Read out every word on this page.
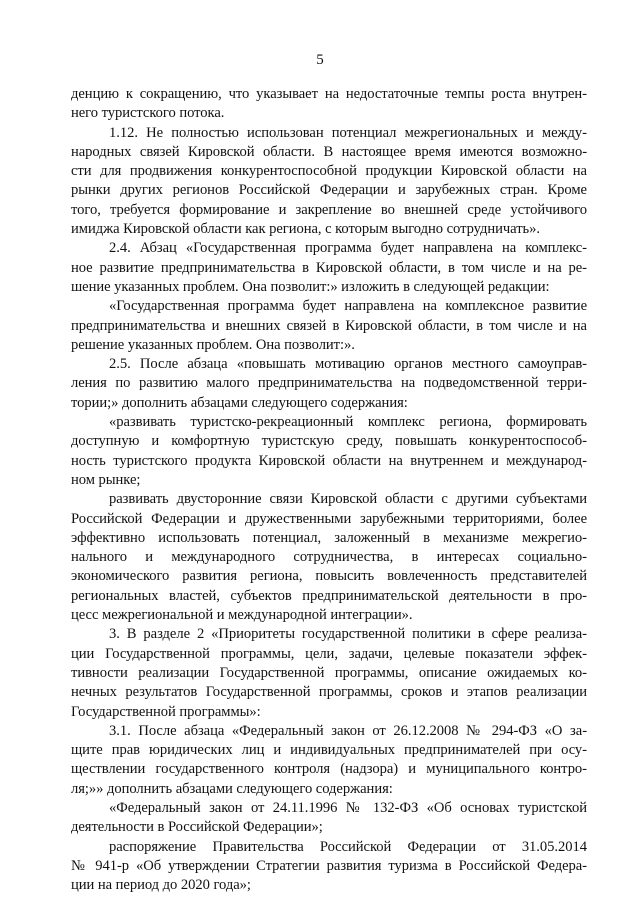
5

денцию к сокращению, что указывает на недостаточные темпы роста внутрен-
него туристского потока.

1.12. Не полностью использован потенциал межрегиональных и между-
народных связей Кировской области. В настоящее время имеются возможно-
сти для продвижения конкурентоспособной продукции Кировской области на
рынки других регионов Российской Федерации и зарубежных стран. Кроме
того, требуется формирование и закрепление во внешней среде устойчивого
имиджа Кировской области как региона, с которым выгодно сотрудничать».

2.4. Абзац «Государственная программа будет направлена на комплекс-
ное развитие предпринимательства в Кировской области, в том числе и на ре-
шение указанных проблем. Она позволит:» изложить в следующей редакции:

«Государственная программа будет направлена на комплексное развитие
предпринимательства и внешних связей в Кировской области, в том числе и на
решение указанных проблем. Она позволит:».

2.5. После абзаца «повышать мотивацию органов местного самоуправ-
ления по развитию малого предпринимательства на подведомственной терри-
тории;» дополнить абзацами следующего содержания:

«развивать туристско-рекреационный комплекс региона, формировать
доступную и комфортную туристскую среду, повышать конкурентоспособ-
ность туристского продукта Кировской области на внутреннем и международ-
ном рынке;

развивать двусторонние связи Кировской области с другими субъектами
Российской Федерации и дружественными зарубежными территориями, более
эффективно использовать потенциал, заложенный в механизме межрегио-
нального и международного сотрудничества, в интересах социально-
экономического развития региона, повысить вовлеченность представителей
региональных властей, субъектов предпринимательской деятельности в про-
цесс межрегиональной и международной интеграции».

3. В разделе 2 «Приоритеты государственной политики в сфере реализа-
ции Государственной программы, цели, задачи, целевые показатели эффек-
тивности реализации Государственной программы, описание ожидаемых ко-
нечных результатов Государственной программы, сроков и этапов реализации
Государственной программы»:

3.1. После абзаца «Федеральный закон от 26.12.2008 № 294-ФЗ «О за-
щите прав юридических лиц и индивидуальных предпринимателей при осу-
ществлении государственного контроля (надзора) и муниципального контро-
ля;»» дополнить абзацами следующего содержания:

«Федеральный закон от 24.11.1996 № 132-ФЗ «Об основах туристской
деятельности в Российской Федерации»;

распоряжение Правительства Российской Федерации от 31.05.2014
№ 941-р «Об утверждении Стратегии развития туризма в Российской Федера-
ции на период до 2020 года»;
